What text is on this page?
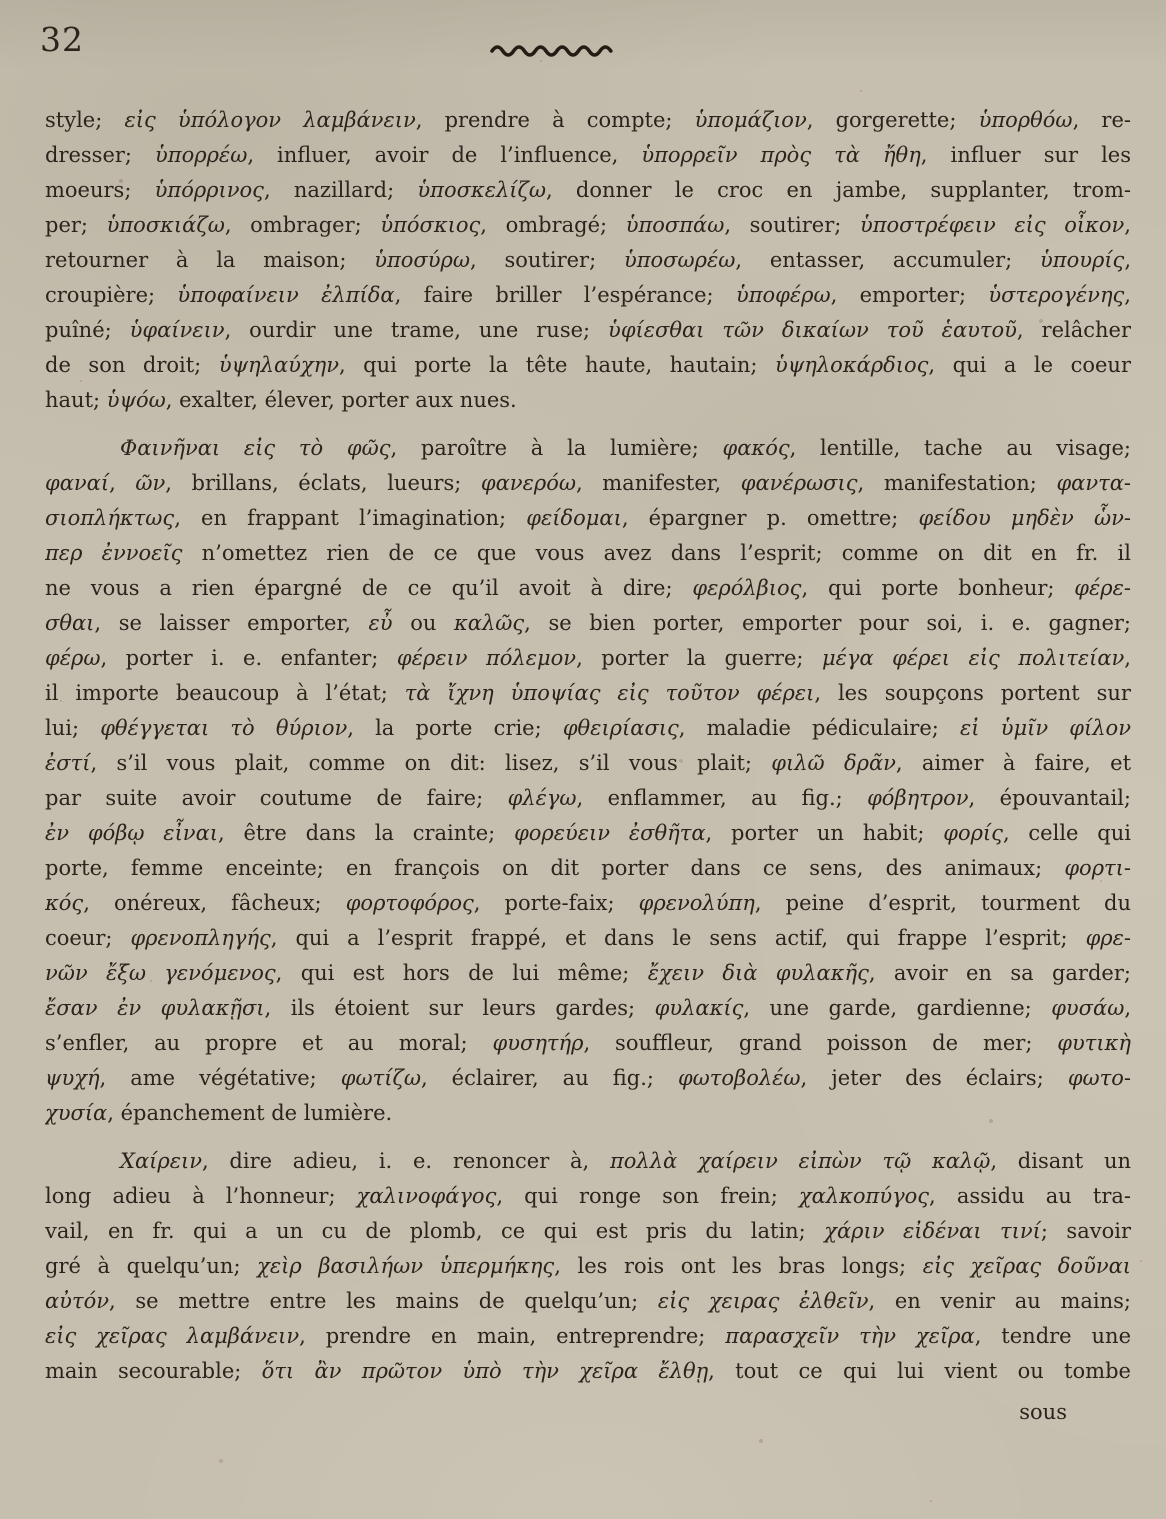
32
style; εἰς ὑπόλογον λαμβάνειν, prendre à compte; ὑπομάζιον, gorgerette; ὑπορθόω, re-
dresser; ὑπορρέω, influer, avoir de l’influence, ὑπορρεῖν πρὸς τὰ ἤθη, influer sur les
moeurs; ὑπόρρινος, nazillard; ὑποσκελίζω, donner le croc en jambe, supplanter, trom-
per; ὑποσκιάζω, ombrager; ὑπόσκιος, ombragé; ὑποσπάω, soutirer; ὑποστρέφειν εἰς οἶκον,
retourner à la maison; ὑποσύρω, soutirer; ὑποσωρέω, entasser, accumuler; ὑπουρίς,
croupière; ὑποφαίνειν ἐλπίδα, faire briller l’espérance; ὑποφέρω, emporter; ὑστερογένης,
puîné; ὑφαίνειν, ourdir une trame, une ruse; ὑφίεσθαι τῶν δικαίων τοῦ ἑαυτοῦ, relâcher
de son droit; ὑψηλαύχην, qui porte la tête haute, hautain; ὑψηλοκάρδιος, qui a le coeur
haut; ὑψόω, exalter, élever, porter aux nues.
Φαινῆναι εἰς τὸ φῶς, paroître à la lumière; φακός, lentille, tache au visage;
φαναί, ῶν, brillans, éclats, lueurs; φανερόω, manifester, φανέρωσις, manifestation; φαντα-
σιοπλήκτως, en frappant l’imagination; φείδομαι, épargner p. omettre; φείδου μηδὲν ὧν-
περ ἐννοεῖς n’omettez rien de ce que vous avez dans l’esprit; comme on dit en fr. il
ne vous a rien épargné de ce qu’il avoit à dire; φερόλβιος, qui porte bonheur; φέρε-
σθαι, se laisser emporter, εὖ ou καλῶς, se bien porter, emporter pour soi, i. e. gagner;
φέρω, porter i. e. enfanter; φέρειν πόλεμον, porter la guerre; μέγα φέρει εἰς πολιτείαν,
il importe beaucoup à l’état; τὰ ἴχνη ὑποψίας εἰς τοῦτον φέρει, les soupçons portent sur
lui; φθέγγεται τὸ θύριον, la porte crie; φθειρίασις, maladie pédiculaire; εἰ ὑμῖν φίλον
ἐστί, s’il vous plait, comme on dit: lisez, s’il vous plait; φιλῶ δρᾶν, aimer à faire, et
par suite avoir coutume de faire; φλέγω, enflammer, au fig.; φόβητρον, épouvantail;
ἐν φόβῳ εἶναι, être dans la crainte; φορεύειν ἐσθῆτα, porter un habit; φορίς, celle qui
porte, femme enceinte; en françois on dit porter dans ce sens, des animaux; φορτι-
κός, onéreux, fâcheux; φορτοφόρος, porte-faix; φρενολύπη, peine d’esprit, tourment du
coeur; φρενοπληγής, qui a l’esprit frappé, et dans le sens actif, qui frappe l’esprit; φρε-
νῶν ἔξω γενόμενος, qui est hors de lui même; ἔχειν διὰ φυλακῆς, avoir en sa garder;
ἔσαν ἐν φυλακῇσι, ils étoient sur leurs gardes; φυλακίς, une garde, gardienne; φυσάω,
s’enfler, au propre et au moral; φυσητήρ, souffleur, grand poisson de mer; φυτικὴ
ψυχή, ame végétative; φωτίζω, éclairer, au fig.; φωτοβολέω, jeter des éclairs; φωτο-
χυσία, épanchement de lumière.
Χαίρειν, dire adieu, i. e. renoncer à, πολλὰ χαίρειν εἰπὼν τῷ καλῷ, disant un
long adieu à l’honneur; χαλινοφάγος, qui ronge son frein; χαλκοπύγος, assidu au tra-
vail, en fr. qui a un cu de plomb, ce qui est pris du latin; χάριν εἰδέναι τινί; savoir
gré à quelqu’un; χεὶρ βασιλήων ὑπερμήκης, les rois ont les bras longs; εἰς χεῖρας δοῦναι
αὐτόν, se mettre entre les mains de quelqu’un; εἰς χειρας ἐλθεῖν, en venir au mains;
εἰς χεῖρας λαμβάνειν, prendre en main, entreprendre; παρασχεῖν τὴν χεῖρα, tendre une
main secourable; ὅτι ἂν πρῶτον ὑπὸ τὴν χεῖρα ἔλθῃ, tout ce qui lui vient ou tombe
sous
